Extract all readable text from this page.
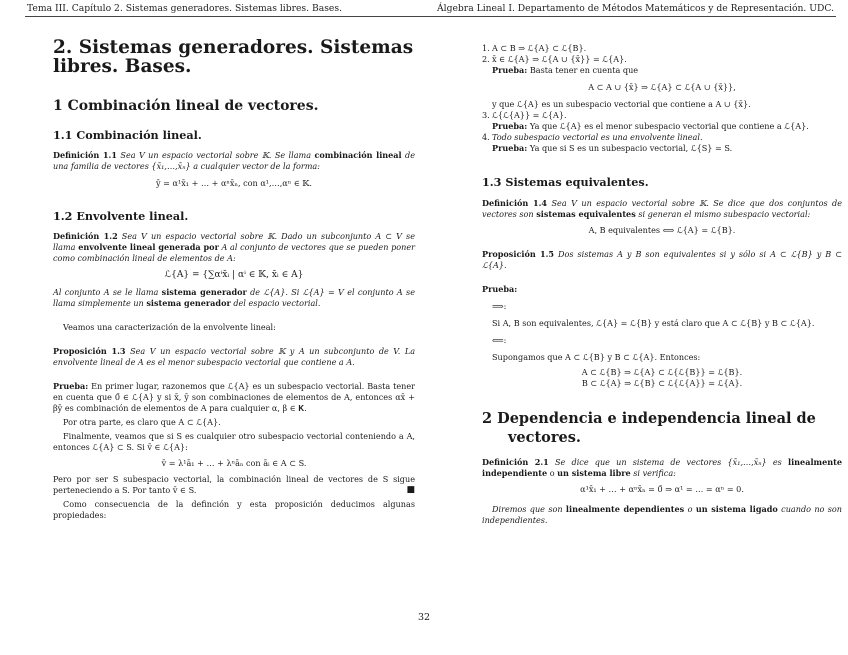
Tema III. Capítulo 2. Sistemas generadores. Sistemas libres. Bases.	Álgebra Lineal I. Departamento de Métodos Matemáticos y de Representación. UDC.
2. Sistemas generadores. Sistemas libres. Bases.
1 Combinación lineal de vectores.
1.1 Combinación lineal.

Definición 1.1 Sea V un espacio vectorial sobre 𝕂. Se llama combinación lineal de una familia de vectores {x̄₁,…,x̄ₙ} a cualquier vector de la forma:

ȳ = α¹x̄₁ + … + αⁿx̄ₙ, con α¹,…,αⁿ ∈ 𝕂.

1.2 Envolvente lineal.

Definición 1.2 Sea V un espacio vectorial sobre 𝕂. Dado un subconjunto A ⊂ V se llama envolvente lineal generada por A al conjunto de vectores que se pueden poner como combinación lineal de elementos de A:

ℒ{A} = {∑αⁱx̄ᵢ | αⁱ ∈ 𝕂, x̄ᵢ ∈ A}

Al conjunto A se le llama sistema generador de ℒ{A}. Si ℒ{A} = V el conjunto A se llama simplemente un sistema generador del espacio vectorial.

Veamos una caracterización de la envolvente lineal:

Proposición 1.3 Sea V un espacio vectorial sobre 𝕂 y A un subconjunto de V. La envolvente lineal de A es el menor subespacio vectorial que contiene a A.

Prueba: En primer lugar, razonemos que ℒ{A} es un subespacio vectorial. Basta tener en cuenta que 0̄ ∈ ℒ{A} y si x̄, ȳ son combinaciones de elementos de A, entonces αx̄ + βȳ es combinación de elementos de A para cualquier α, β ∈ 𝐊.

Por otra parte, es claro que A ⊂ ℒ{A}.

Finalmente, veamos que si S es cualquier otro subespacio vectorial conteniendo a A, entonces ℒ{A} ⊂ S. Si v̄ ∈ ℒ{A}:

v̄ = λ¹ā₁ + … + λⁿāₙ con āᵢ ∈ A ⊂ S.

Pero por ser S subespacio vectorial, la combinación lineal de vectores de S sigue perteneciendo a S. Por tanto v̄ ∈ S.	■

Como consecuencia de la definción y esta proposición deducimos algunas propiedades:

1. A ⊂ B ⇒ ℒ{A} ⊂ ℒ{B}.
2. x̄ ∈ ℒ{A} ⇒ ℒ{A ∪ {x̄}} = ℒ{A}.

Prueba: Basta tener en cuenta que

A ⊂ A ∪ {x̄} ⇒ ℒ{A} ⊂ ℒ{A ∪ {x̄}},

y que ℒ{A} es un subespacio vectorial que contiene a A ∪ {x̄}.

3. ℒ{ℒ{A}} = ℒ{A}.

Prueba: Ya que ℒ{A} es el menor subespacio vectorial que contiene a ℒ{A}.

4. Todo subespacio vectorial es una envolvente lineal.

Prueba: Ya que si S es un subespacio vectorial, ℒ{S} = S.

1.3 Sistemas equivalentes.

Definición 1.4 Sea V un espacio vectorial sobre 𝕂. Se dice que dos conjuntos de vectores son sistemas equivalentes si generan el mismo subespacio vectorial:

A, B equivalentes ⟺ ℒ{A} = ℒ{B}.

Proposición 1.5 Dos sistemas A y B son equivalentes si y sólo si A ⊂ ℒ{B} y B ⊂ ℒ{A}.

Prueba:

⟹:

Si A, B son equivalentes, ℒ{A} = ℒ{B} y está claro que A ⊂ ℒ{B} y B ⊂ ℒ{A}.

⟸:

Supongamos que A ⊂ ℒ{B} y B ⊂ ℒ{A}. Entonces:

A ⊂ ℒ{B} ⇒ ℒ{A} ⊂ ℒ{ℒ{B}} = ℒ{B}.

B ⊂ ℒ{A} ⇒ ℒ{B} ⊂ ℒ{ℒ{A}} = ℒ{A}.

2 Dependencia e independencia lineal de vectores.

Definición 2.1 Se dice que un sistema de vectores {x̄₁,…,x̄ₙ} es linealmente independiente o un sistema libre si verifica:

α¹x̄₁ + … + αⁿx̄ₙ = 0̄ ⇒ α¹ = … = αⁿ = 0.

Diremos que son linealmente dependientes o un sistema ligado cuando no son independientes.

32
